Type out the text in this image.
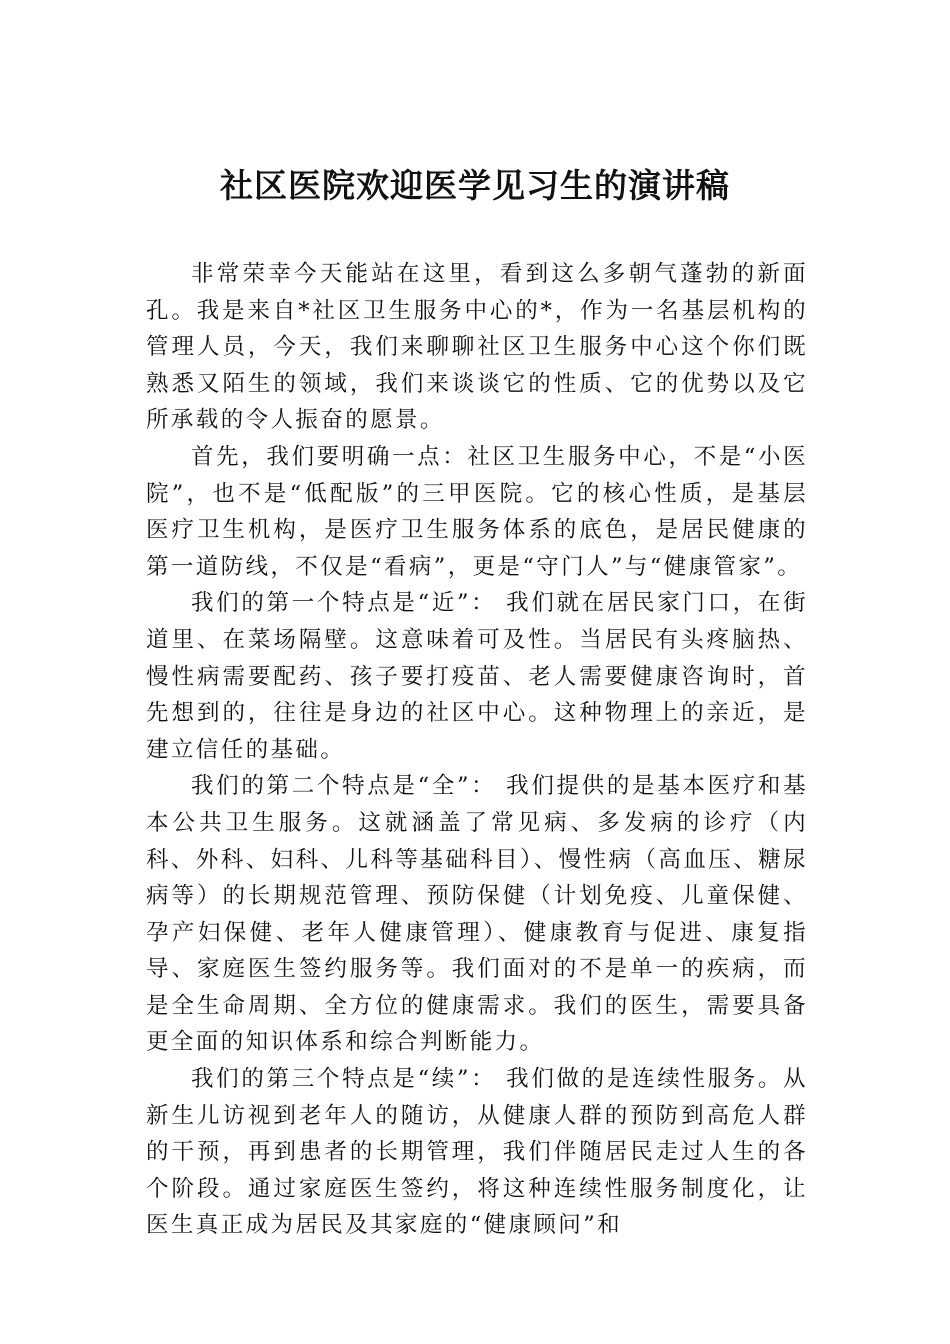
社区医院欢迎医学见习生的演讲稿

非常荣幸今天能站在这里，看到这么多朝气蓬勃的新面孔。我是来自*社区卫生服务中心的*，作为一名基层机构的管理人员，今天，我们来聊聊社区卫生服务中心这个你们既熟悉又陌生的领域，我们来谈谈它的性质、它的优势以及它所承载的令人振奋的愿景。

首先，我们要明确一点：社区卫生服务中心，不是“小医院”，也不是“低配版”的三甲医院。它的核心性质，是基层医疗卫生机构，是医疗卫生服务体系的底色，是居民健康的第一道防线，不仅是“看病”，更是“守门人”与“健康管家”。

我们的第一个特点是“近”： 我们就在居民家门口，在街道里、在菜场隔壁。这意味着可及性。当居民有头疼脑热、慢性病需要配药、孩子要打疫苗、老人需要健康咨询时，首先想到的，往往是身边的社区中心。这种物理上的亲近，是建立信任的基础。

我们的第二个特点是“全”： 我们提供的是基本医疗和基本公共卫生服务。这就涵盖了常见病、多发病的诊疗（内科、外科、妇科、儿科等基础科目）、慢性病（高血压、糖尿病等）的长期规范管理、预防保健（计划免疫、儿童保健、孕产妇保健、老年人健康管理）、健康教育与促进、康复指导、家庭医生签约服务等。我们面对的不是单一的疾病，而是全生命周期、全方位的健康需求。我们的医生，需要具备更全面的知识体系和综合判断能力。

我们的第三个特点是“续”： 我们做的是连续性服务。从新生儿访视到老年人的随访，从健康人群的预防到高危人群的干预，再到患者的长期管理，我们伴随居民走过人生的各个阶段。通过家庭医生签约，将这种连续性服务制度化，让医生真正成为居民及其家庭的“健康顾问”和
